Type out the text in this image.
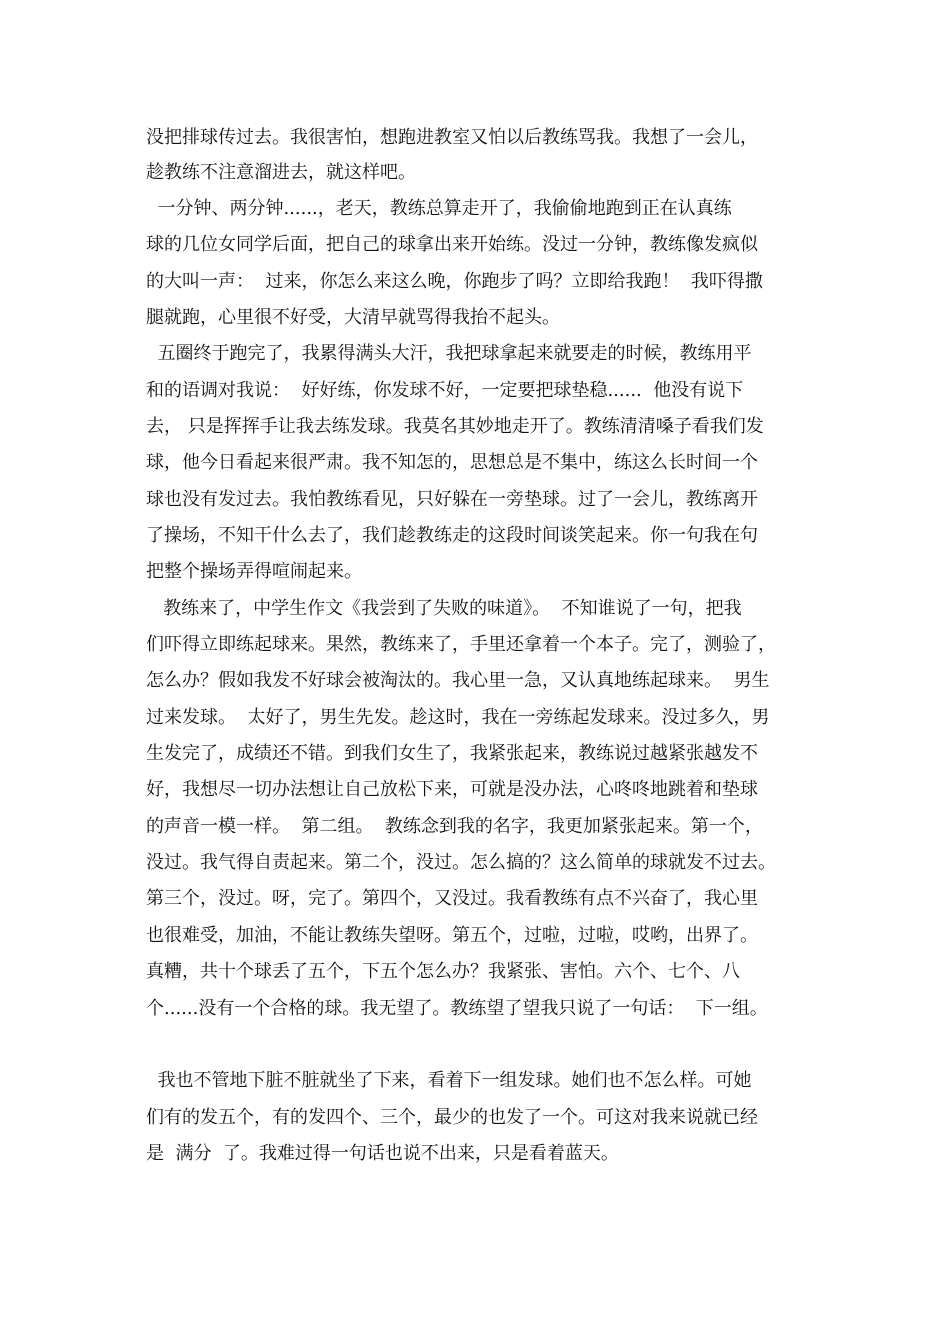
没把排球传过去。我很害怕，想跑进教室又怕以后教练骂我。我想了一会儿，

趁教练不注意溜进去，就这样吧。

一分钟、两分钟......，老天，教练总算走开了，我偷偷地跑到正在认真练

球的几位女同学后面，把自己的球拿出来开始练。没过一分钟，教练像发疯似

的大叫一声：  过来，你怎么来这么晚，你跑步了吗？立即给我跑！  我吓得撒

腿就跑，心里很不好受，大清早就骂得我抬不起头。

五圈终于跑完了，我累得满头大汗，我把球拿起来就要走的时候，教练用平

和的语调对我说：  好好练，你发球不好，一定要把球垫稳......  他没有说下

去， 只是挥挥手让我去练发球。我莫名其妙地走开了。教练清清嗓子看我们发

球，他今日看起来很严肃。我不知怎的，思想总是不集中，练这么长时间一个

球也没有发过去。我怕教练看见，只好躲在一旁垫球。过了一会儿，教练离开

了操场，不知干什么去了，我们趁教练走的这段时间谈笑起来。你一句我在句

把整个操场弄得喧闹起来。

教练来了，中学生作文《我尝到了失败的味道》。  不知谁说了一句，把我

们吓得立即练起球来。果然，教练来了，手里还拿着一个本子。完了，测验了，

怎么办？假如我发不好球会被淘汰的。我心里一急，又认真地练起球来。  男生

过来发球。  太好了，男生先发。趁这时，我在一旁练起发球来。没过多久，男

生发完了，成绩还不错。到我们女生了，我紧张起来，教练说过越紧张越发不

好，我想尽一切办法想让自己放松下来，可就是没办法，心咚咚地跳着和垫球

的声音一模一样。  第二组。  教练念到我的名字，我更加紧张起来。第一个，

没过。我气得自责起来。第二个，没过。怎么搞的？这么简单的球就发不过去。

第三个，没过。呀，完了。第四个，又没过。我看教练有点不兴奋了，我心里

也很难受，加油，不能让教练失望呀。第五个，过啦，过啦，哎哟，出界了。

真糟，共十个球丢了五个，下五个怎么办？我紧张、害怕。六个、七个、八

个......没有一个合格的球。我无望了。教练望了望我只说了一句话：  下一组。

我也不管地下脏不脏就坐了下来，看着下一组发球。她们也不怎么样。可她

们有的发五个，有的发四个、三个，最少的也发了一个。可这对我来说就已经

是  满分  了。我难过得一句话也说不出来，只是看着蓝天。
